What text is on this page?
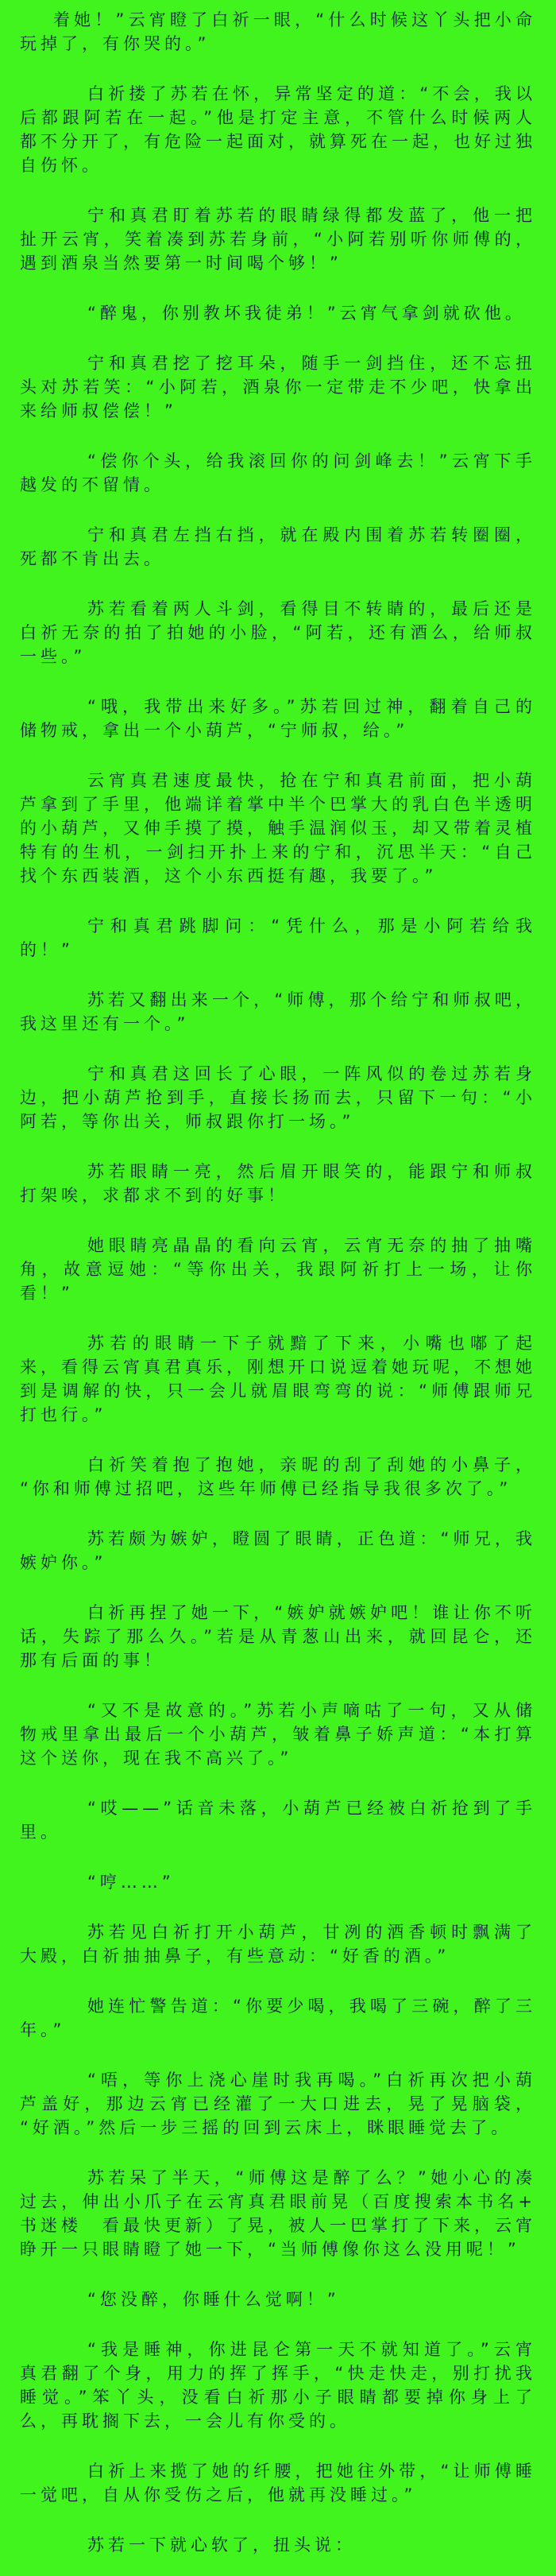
着她！”云宵瞪了白祈一眼，“什么时候这丫头把小命玩掉了，有你哭的。”

白祈搂了苏若在怀，异常坚定的道：“不会，我以后都跟阿若在一起。”他是打定主意，不管什么时候两人都不分开了，有危险一起面对，就算死在一起，也好过独自伤怀。

宁和真君盯着苏若的眼睛绿得都发蓝了，他一把扯开云宵，笑着凑到苏若身前，“小阿若别听你师傅的，遇到酒泉当然要第一时间喝个够！”

“醉鬼，你别教坏我徒弟！”云宵气拿剑就砍他。

宁和真君挖了挖耳朵，随手一剑挡住，还不忘扭头对苏若笑：“小阿若，酒泉你一定带走不少吧，快拿出来给师叔偿偿！”

“偿你个头，给我滚回你的问剑峰去！”云宵下手越发的不留情。

宁和真君左挡右挡，就在殿内围着苏若转圈圈，死都不肯出去。

苏若看着两人斗剑，看得目不转睛的，最后还是白祈无奈的拍了拍她的小脸，“阿若，还有酒么，给师叔一些。”

“哦，我带出来好多。”苏若回过神，翻着自己的储物戒，拿出一个小葫芦，“宁师叔，给。”

云宵真君速度最快，抢在宁和真君前面，把小葫芦拿到了手里，他端详着掌中半个巴掌大的乳白色半透明的小葫芦，又伸手摸了摸，触手温润似玉，却又带着灵植特有的生机，一剑扫开扑上来的宁和，沉思半天：“自己找个东西装酒，这个小东西挺有趣，我要了。”

宁和真君跳脚问：“凭什么，那是小阿若给我的！”

苏若又翻出来一个，“师傅，那个给宁和师叔吧，我这里还有一个。”

宁和真君这回长了心眼，一阵风似的卷过苏若身边，把小葫芦抢到手，直接长扬而去，只留下一句：“小阿若，等你出关，师叔跟你打一场。”

苏若眼睛一亮，然后眉开眼笑的，能跟宁和师叔打架唉，求都求不到的好事！

她眼睛亮晶晶的看向云宵，云宵无奈的抽了抽嘴角，故意逗她：“等你出关，我跟阿祈打上一场，让你看！”

苏若的眼睛一下子就黯了下来，小嘴也嘟了起来，看得云宵真君真乐，刚想开口说逗着她玩呢，不想她到是调解的快，只一会儿就眉眼弯弯的说：“师傅跟师兄打也行。”

白祈笑着抱了抱她，亲昵的刮了刮她的小鼻子，“你和师傅过招吧，这些年师傅已经指导我很多次了。”

苏若颇为嫉妒，瞪圆了眼睛，正色道：“师兄，我嫉妒你。”

白祈再捏了她一下，“嫉妒就嫉妒吧！谁让你不听话，失踪了那么久。”若是从青葱山出来，就回昆仑，还那有后面的事！

“又不是故意的。”苏若小声嘀咕了一句，又从储物戒里拿出最后一个小葫芦，皱着鼻子娇声道：“本打算这个送你，现在我不高兴了。”

“哎——”话音未落，小葫芦已经被白祈抢到了手里。

“哼……”

苏若见白祈打开小葫芦，甘冽的酒香顿时飘满了大殿，白祈抽抽鼻子，有些意动：“好香的酒。”

她连忙警告道：“你要少喝，我喝了三碗，醉了三年。”

“唔，等你上浇心崖时我再喝。”白祈再次把小葫芦盖好，那边云宵已经灌了一大口进去，晃了晃脑袋，“好酒。”然后一步三摇的回到云床上，眯眼睡觉去了。

苏若呆了半天，“师傅这是醉了么？”她小心的凑过去，伸出小爪子在云宵真君眼前晃（百度搜索本书名+ 书迷楼　看最快更新）了晃，被人一巴掌打了下来，云宵睁开一只眼睛瞪了她一下，“当师傅像你这么没用呢！”

“您没醉，你睡什么觉啊！”

“我是睡神，你进昆仑第一天不就知道了。”云宵真君翻了个身，用力的挥了挥手，“快走快走，别打扰我睡觉。”笨丫头，没看白祈那小子眼睛都要掉你身上了么，再耽搁下去，一会儿有你受的。

白祈上来揽了她的纤腰，把她往外带，“让师傅睡一觉吧，自从你受伤之后，他就再没睡过。”

苏若一下就心软了，扭头说：
